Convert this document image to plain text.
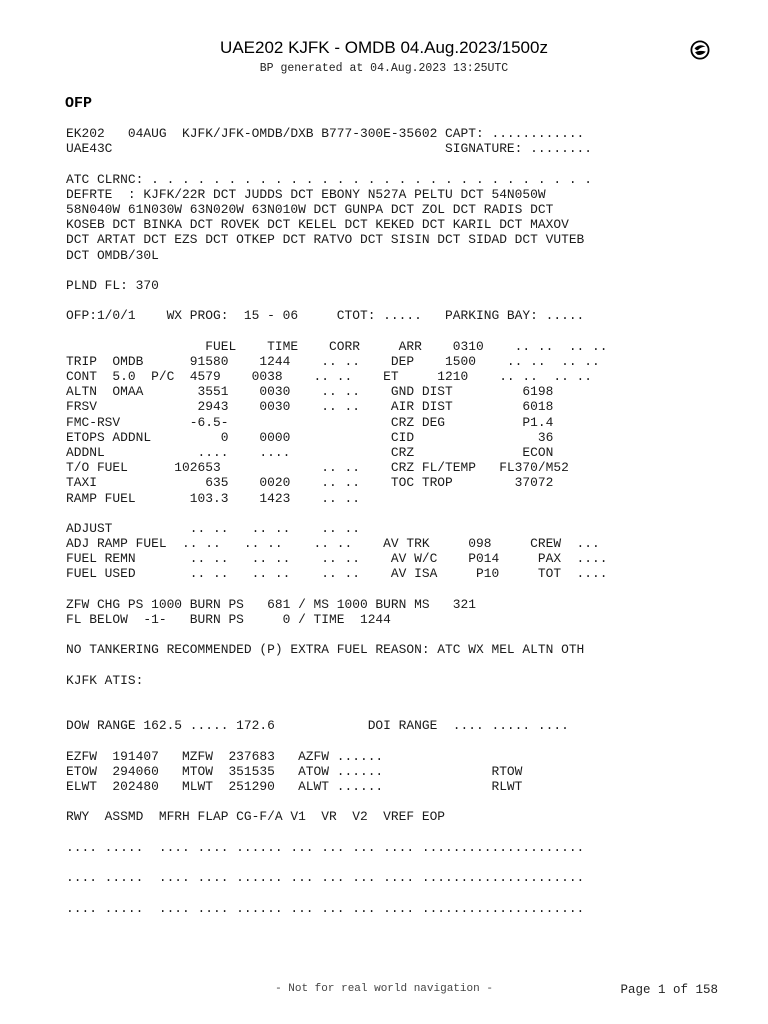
UAE202 KJFK - OMDB 04.Aug.2023/1500z
BP generated at 04.Aug.2023 13:25UTC
OFP
EK202   04AUG  KJFK/JFK-OMDB/DXB B777-300E-35602 CAPT: ............
UAE43C                                           SIGNATURE: ........
ATC CLRNC: . . . . . . . . . . . . . . . . . . . . . . . . . . . . .
DEFRTE  : KJFK/22R DCT JUDDS DCT EBONY N527A PELTU DCT 54N050W
58N040W 61N030W 63N020W 63N010W DCT GUNPA DCT ZOL DCT RADIS DCT
KOSEB DCT BINKA DCT ROVEK DCT KELEL DCT KEKED DCT KARIL DCT MAXOV
DCT ARTAT DCT EZS DCT OTKEP DCT RATVO DCT SISIN DCT SIDAD DCT VUTEB
DCT OMDB/30L
PLND FL: 370
OFP:1/0/1    WX PROG:  15 - 06     CTOT: .....   PARKING BAY: .....
FUEL    TIME    CORR     ARR    0310    .. ..  .. ..
TRIP  OMDB      91580    1244    .. ..    DEP    1500    .. ..  .. ..
CONT  5.0  P/C  4579    0038    .. ..    ET     1210    .. ..  .. ..
ALTN  OMAA       3551    0030    .. ..    GND DIST         6198
FRSV             2943    0030    .. ..    AIR DIST         6018
FMC-RSV         -6.5-                     CRZ DEG          P1.4
ETOPS ADDNL         0    0000             CID                36
ADDNL            ....    ....             CRZ              ECON
T/O FUEL      102653             .. ..    CRZ FL/TEMP   FL370/M52
TAXI              635    0020    .. ..    TOC TROP        37072
RAMP FUEL       103.3    1423    .. ..
ADJUST          .. ..   .. ..    .. ..
ADJ RAMP FUEL  .. ..   .. ..    .. ..    AV TRK     098     CREW  ...
FUEL REMN       .. ..   .. ..    .. ..    AV W/C    P014     PAX  ....
FUEL USED       .. ..   .. ..    .. ..    AV ISA     P10     TOT  ....
ZFW CHG PS 1000 BURN PS   681 / MS 1000 BURN MS   321
FL BELOW  -1-   BURN PS     0 / TIME  1244
NO TANKERING RECOMMENDED (P) EXTRA FUEL REASON: ATC WX MEL ALTN OTH
KJFK ATIS:
DOW RANGE 162.5 ..... 172.6            DOI RANGE  .... ..... ....
EZFW  191407   MZFW  237683   AZFW ......
ETOW  294060   MTOW  351535   ATOW ......              RTOW
ELWT  202480   MLWT  251290   ALWT ......              RLWT
RWY  ASSMD  MFRH FLAP CG-F/A V1  VR  V2  VREF EOP
.... .....  .... .... ...... ... ... ... .... .....................
.... .....  .... .... ...... ... ... ... .... .....................
.... .....  .... .... ...... ... ... ... .... .....................
- Not for real world navigation -	Page 1 of 158
